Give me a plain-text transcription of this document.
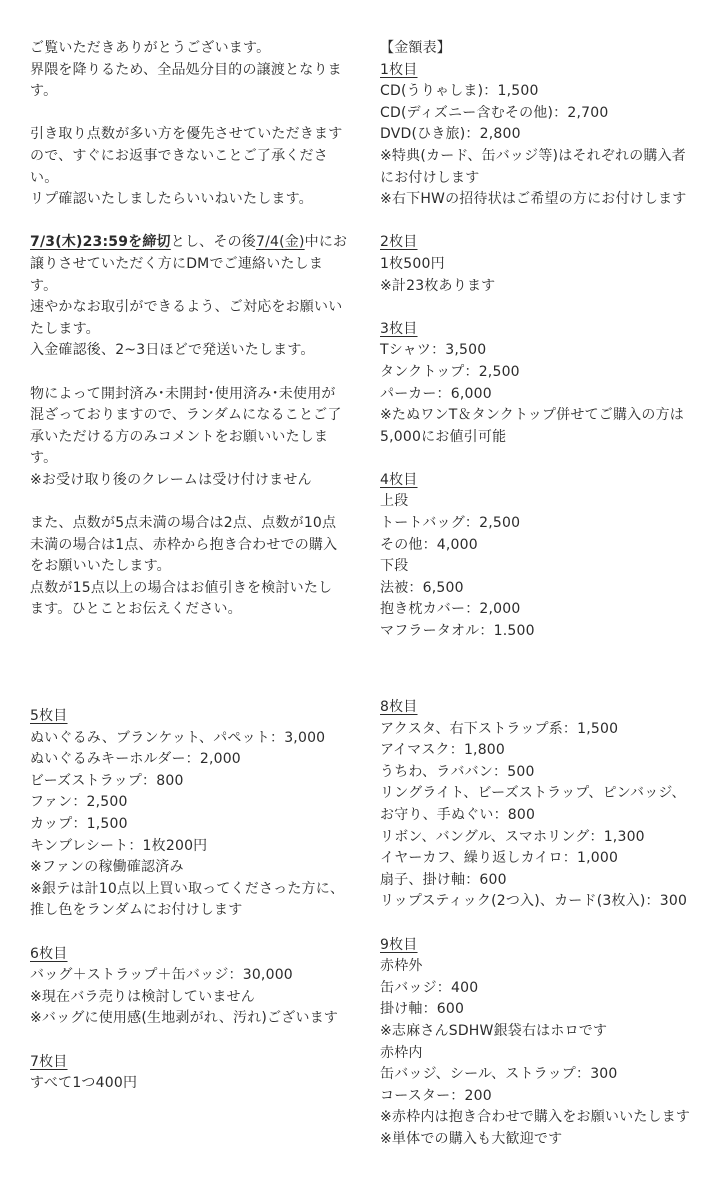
ご覧いただきありがとうございます。
界隈を降りるため、全品処分目的の譲渡となりま
す。
引き取り点数が多い方を優先させていただきます
ので、すぐにお返事できないことご了承くださ
い。
リプ確認いたしましたらいいねいたします。
7/3(木)23:59を締切とし、その後7/4(金)中にお
譲りさせていただく方にDMでご連絡いたしま
す。
速やかなお取引ができるよう、ご対応をお願いい
たします。
入金確認後、2~3日ほどで発送いたします。
物によって開封済み･未開封･使用済み･未使用が
混ざっておりますので、ランダムになることご了
承いただける方のみコメントをお願いいたしま
す。
※お受け取り後のクレームは受け付けません
また、点数が5点未満の場合は2点、点数が10点
未満の場合は1点、赤枠から抱き合わせでの購入
をお願いいたします。
点数が15点以上の場合はお値引きを検討いたし
ます。ひとことお伝えください。
5枚目
ぬいぐるみ、ブランケット、パペット：3,000
ぬいぐるみキーホルダー：2,000
ビーズストラップ：800
ファン：2,500
カップ：1,500
キンブレシート：1枚200円
※ファンの稼働確認済み
※銀テは計10点以上買い取ってくださった方に、
推し色をランダムにお付けします
6枚目
バッグ＋ストラップ＋缶バッジ：30,000
※現在バラ売りは検討していません
※バッグに使用感(生地剥がれ、汚れ)ございます
7枚目
すべて1つ400円
【金額表】
1枚目
CD(うりゃしま)：1,500
CD(ディズニー含むその他)：2,700
DVD(ひき旅)：2,800
※特典(カード、缶バッジ等)はそれぞれの購入者
にお付けします
※右下HWの招待状はご希望の方にお付けします
2枚目
1枚500円
※計23枚あります
3枚目
Tシャツ：3,500
タンクトップ：2,500
パーカー：6,000
※たぬワンT＆タンクトップ併せてご購入の方は
5,000にお値引可能
4枚目
上段
トートバッグ：2,500
その他：4,000
下段
法被：6,500
抱き枕カバー：2,000
マフラータオル：1.500
8枚目
アクスタ、右下ストラップ系：1,500
アイマスク：1,800
うちわ、ラババン：500
リングライト、ビーズストラップ、ピンバッジ、
お守り、手ぬぐい：800
リボン、バングル、スマホリング：1,300
イヤーカフ、繰り返しカイロ：1,000
扇子、掛け軸：600
リップスティック(2つ入)、カード(3枚入)：300
9枚目
赤枠外
缶バッジ：400
掛け軸：600
※志麻さんSDHW銀袋右はホロです
赤枠内
缶バッジ、シール、ストラップ：300
コースター：200
※赤枠内は抱き合わせで購入をお願いいたします
※単体での購入も大歓迎です
